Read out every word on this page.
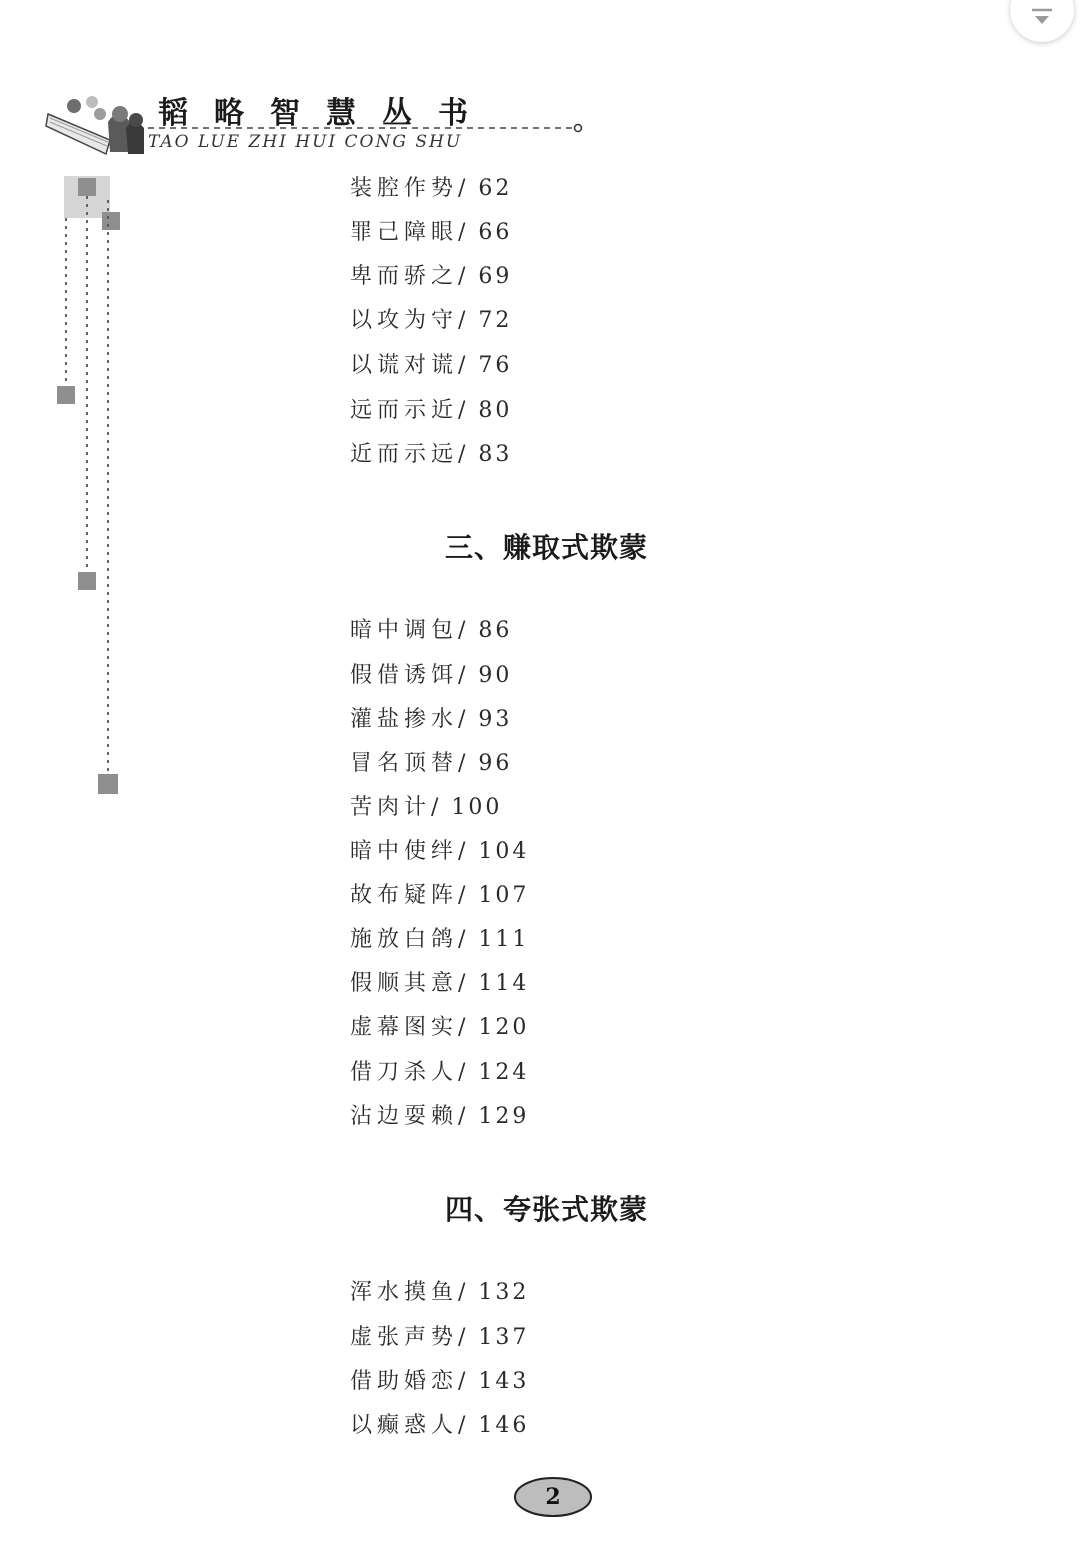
韬略智慧丛书
TAO LUE ZHI HUI CONG SHU
装腔作势/ 62
罪己障眼/ 66
卑而骄之/ 69
以攻为守/ 72
以谎对谎/ 76
远而示近/ 80
近而示远/ 83
三、赚取式欺蒙
暗中调包/ 86
假借诱饵/ 90
灌盐掺水/ 93
冒名顶替/ 96
苦肉计/ 100
暗中使绊/ 104
故布疑阵/ 107
施放白鸽/ 111
假顺其意/ 114
虚幕图实/ 120
借刀杀人/ 124
沾边耍赖/ 129
四、夸张式欺蒙
浑水摸鱼/ 132
虚张声势/ 137
借助婚恋/ 143
以癫惑人/ 146
2
